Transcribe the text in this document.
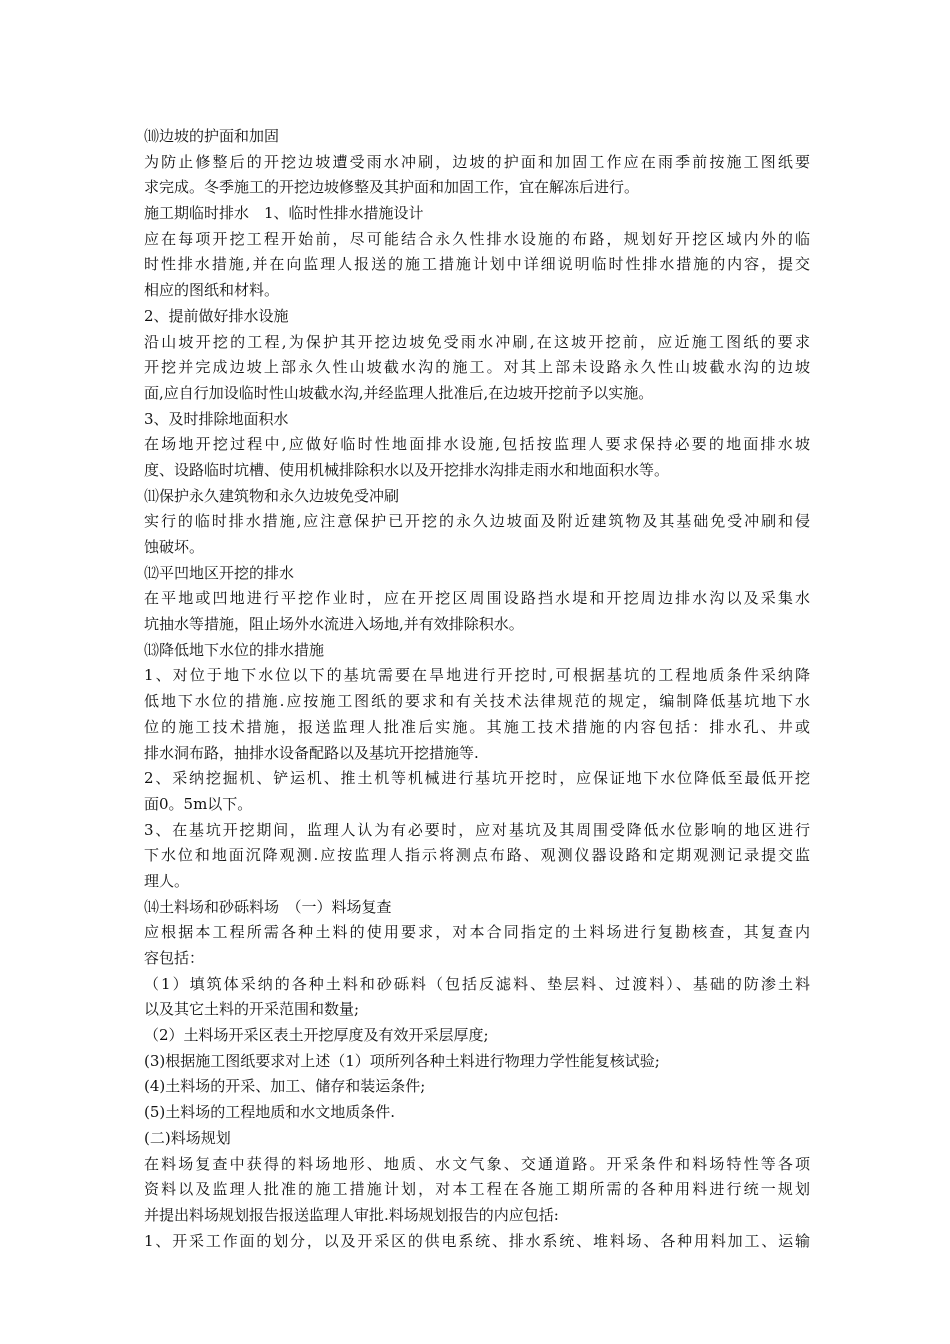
⑽边坡的护面和加固
为防止修整后的开挖边坡遭受雨水冲刷，边坡的护面和加固工作应在雨季前按施工图纸要
求完成。冬季施工的开挖边坡修整及其护面和加固工作，宜在解冻后进行。
施工期临时排水　1、临时性排水措施设计
应在每项开挖工程开始前，尽可能结合永久性排水设施的布路，规划好开挖区域内外的临
时性排水措施,并在向监理人报送的施工措施计划中详细说明临时性排水措施的内容，提交
相应的图纸和材料。
2、提前做好排水设施
沿山坡开挖的工程,为保护其开挖边坡免受雨水冲刷,在这坡开挖前，应近施工图纸的要求
开挖并完成边坡上部永久性山坡截水沟的施工。对其上部未设路永久性山坡截水沟的边坡
面,应自行加设临时性山坡截水沟,并经监理人批准后,在边坡开挖前予以实施。
3、及时排除地面积水
在场地开挖过程中,应做好临时性地面排水设施,包括按监理人要求保持必要的地面排水坡
度、设路临时坑槽、使用机械排除积水以及开挖排水沟排走雨水和地面积水等。
⑾保护永久建筑物和永久边坡免受冲刷
实行的临时排水措施,应注意保护已开挖的永久边坡面及附近建筑物及其基础免受冲刷和侵
蚀破坏。
⑿平凹地区开挖的排水
在平地或凹地进行平挖作业时，应在开挖区周围设路挡水堤和开挖周边排水沟以及采集水
坑抽水等措施，阻止场外水流进入场地,并有效排除积水。
⒀降低地下水位的排水措施
1、对位于地下水位以下的基坑需要在旱地进行开挖时,可根据基坑的工程地质条件采纳降
低地下水位的措施.应按施工图纸的要求和有关技术法律规范的规定，编制降低基坑地下水
位的施工技术措施，报送监理人批准后实施。其施工技术措施的内容包括：排水孔、井或
排水洞布路，抽排水设备配路以及基坑开挖措施等.
2、采纳挖掘机、铲运机、推土机等机械进行基坑开挖时，应保证地下水位降低至最低开挖
面0。5m以下。
3、在基坑开挖期间，监理人认为有必要时，应对基坑及其周围受降低水位影响的地区进行
下水位和地面沉降观测.应按监理人指示将测点布路、观测仪器设路和定期观测记录提交监
理人。
⒁土料场和砂砾料场　（一）料场复查
应根据本工程所需各种土料的使用要求，对本合同指定的土料场进行复勘核查，其复查内
容包括：
（1）填筑体采纳的各种土料和砂砾料（包括反滤料、垫层料、过渡料）、基础的防渗土料
以及其它土料的开采范围和数量;
（2）土料场开采区表土开挖厚度及有效开采层厚度;
(3)根据施工图纸要求对上述（1）项所列各种土料进行物理力学性能复核试验;
(4)土料场的开采、加工、储存和装运条件;
(5)土料场的工程地质和水文地质条件.
(二)料场规划
在料场复查中获得的料场地形、地质、水文气象、交通道路。开采条件和料场特性等各项
资料以及监理人批准的施工措施计划，对本工程在各施工期所需的各种用料进行统一规划
并提出料场规划报告报送监理人审批.料场规划报告的内应包括:
1、开采工作面的划分，以及开采区的供电系统、排水系统、堆料场、各种用料加工、运输
